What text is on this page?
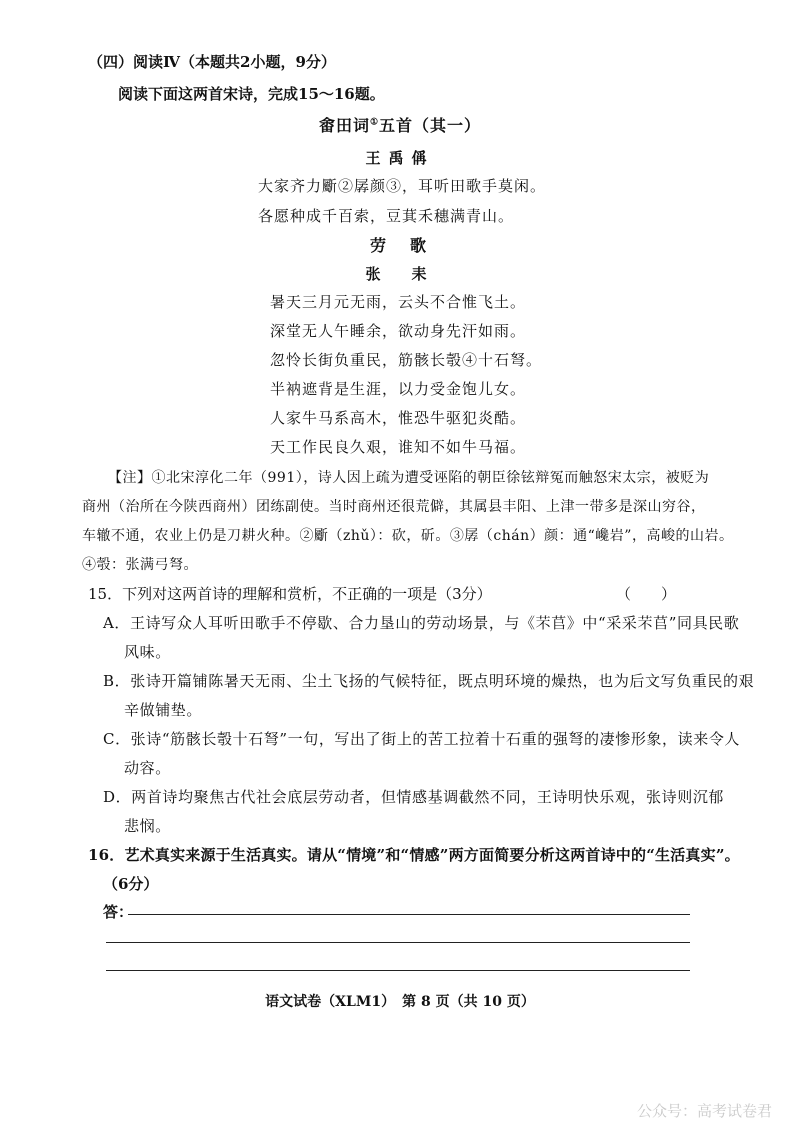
（四）阅读Ⅳ（本题共2小题，9分）
阅读下面这两首宋诗，完成15～16题。
畬田词①五首（其一）
王禹偁
大家齐力斸②孱颜③，耳听田歌手莫闲。
各愿种成千百索，豆萁禾穗满青山。
劳　歌
张　耒
暑天三月元无雨，云头不合惟飞土。
深堂无人午睡余，欲动身先汗如雨。
忽怜长街负重民，筋骸长彀④十石弩。
半衲遮背是生涯，以力受金饱儿女。
人家牛马系高木，惟恐牛驱犯炎酷。
天工作民良久艰，谁知不如牛马福。
【注】①北宋淳化二年（991），诗人因上疏为遭受诬陷的朝臣徐铉辩冤而触怒宋太宗，被贬为
商州（治所在今陕西商州）团练副使。当时商州还很荒僻，其属县丰阳、上津一带多是深山穷谷，
车辙不通，农业上仍是刀耕火种。②斸（zhǔ）：砍，斫。③孱（chán）颜：通“巉岩”，高峻的山岩。
④彀：张满弓弩。
15．下列对这两首诗的理解和赏析，不正确的一项是（3分）	（　　）
A．王诗写众人耳听田歌手不停歇、合力垦山的劳动场景，与《芣苢》中“采采芣苢”同具民歌
风味。
B．张诗开篇铺陈暑天无雨、尘土飞扬的气候特征，既点明环境的燥热，也为后文写负重民的艰
辛做铺垫。
C．张诗“筋骸长彀十石弩”一句，写出了街上的苦工拉着十石重的强弩的凄惨形象，读来令人
动容。
D．两首诗均聚焦古代社会底层劳动者，但情感基调截然不同，王诗明快乐观，张诗则沉郁
悲悯。
16．艺术真实来源于生活真实。请从“情境”和“情感”两方面简要分析这两首诗中的“生活真实”。
（6分）
答：
语文试卷（XLM1）　第 8 页（共 10 页）
公众号：高考试卷君
